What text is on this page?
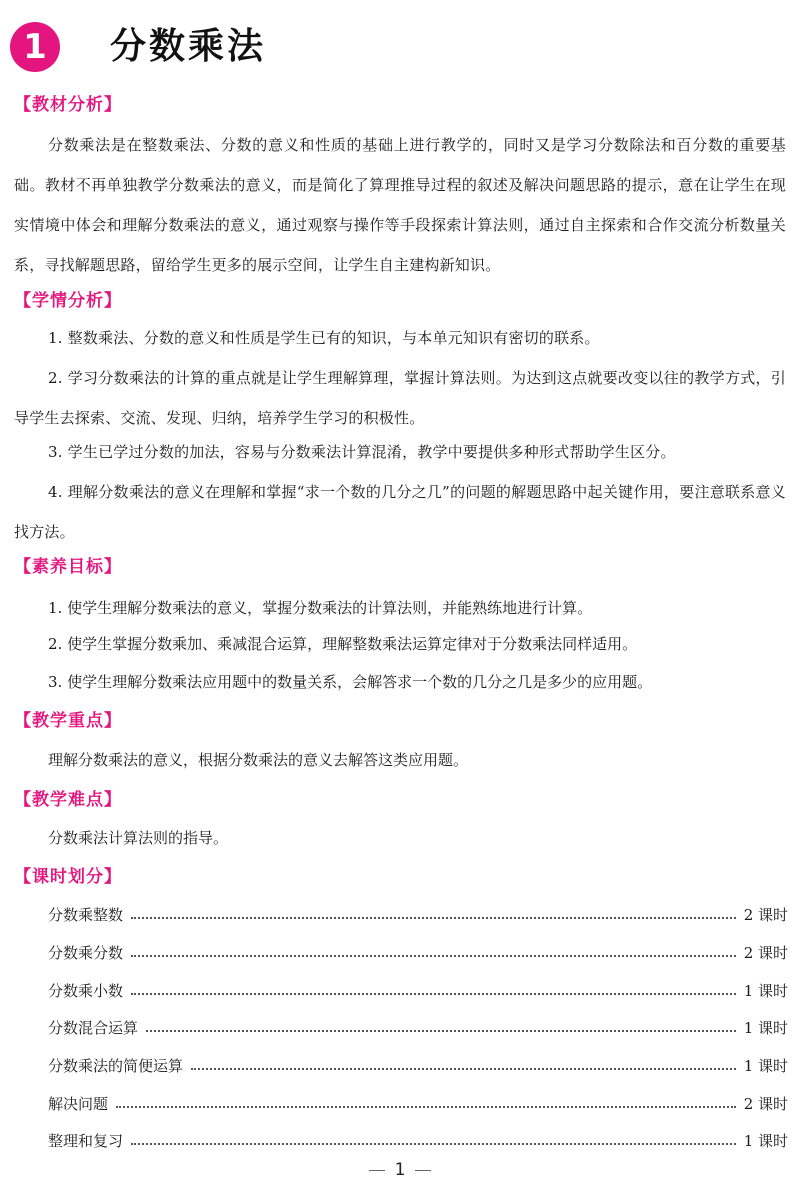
1	分数乘法
【教材分析】
分数乘法是在整数乘法、分数的意义和性质的基础上进行教学的，同时又是学习分数除法和百分数的重要基础。教材不再单独教学分数乘法的意义，而是简化了算理推导过程的叙述及解决问题思路的提示，意在让学生在现实情境中体会和理解分数乘法的意义，通过观察与操作等手段探索计算法则，通过自主探索和合作交流分析数量关系，寻找解题思路，留给学生更多的展示空间，让学生自主建构新知识。
【学情分析】
1. 整数乘法、分数的意义和性质是学生已有的知识，与本单元知识有密切的联系。
2. 学习分数乘法的计算的重点就是让学生理解算理，掌握计算法则。为达到这点就要改变以往的教学方式，引导学生去探索、交流、发现、归纳，培养学生学习的积极性。
3. 学生已学过分数的加法，容易与分数乘法计算混淆，教学中要提供多种形式帮助学生区分。
4. 理解分数乘法的意义在理解和掌握“求一个数的几分之几”的问题的解题思路中起关键作用，要注意联系意义找方法。
【素养目标】
1. 使学生理解分数乘法的意义，掌握分数乘法的计算法则，并能熟练地进行计算。
2. 使学生掌握分数乘加、乘减混合运算，理解整数乘法运算定律对于分数乘法同样适用。
3. 使学生理解分数乘法应用题中的数量关系，会解答求一个数的几分之几是多少的应用题。
【教学重点】
理解分数乘法的意义，根据分数乘法的意义去解答这类应用题。
【教学难点】
分数乘法计算法则的指导。
【课时划分】
分数乘整数	2 课时
分数乘分数	2 课时
分数乘小数	1 课时
分数混合运算	1 课时
分数乘法的简便运算	1 课时
解决问题	2 课时
整理和复习	1 课时
1
